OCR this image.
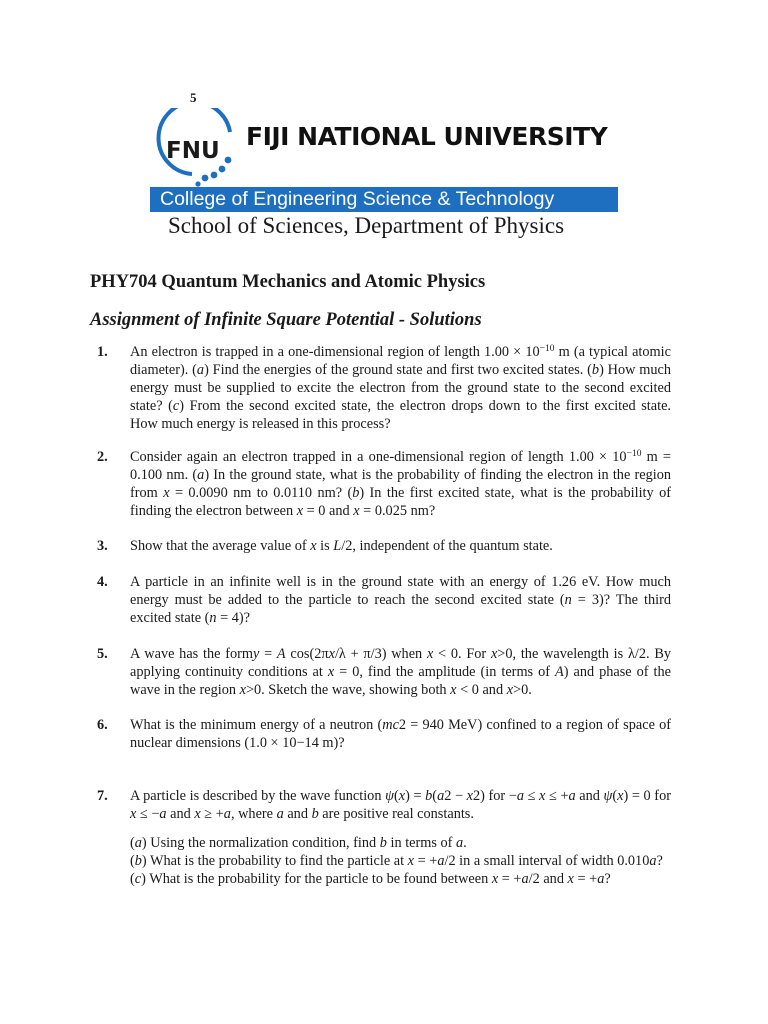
5
FNU FIJI NATIONAL UNIVERSITY
College of Engineering Science & Technology
School of Sciences, Department of Physics
PHY704 Quantum Mechanics and Atomic Physics
Assignment of Infinite Square Potential - Solutions
1. An electron is trapped in a one-dimensional region of length $1.00 \times 10^{-10}$ m (a typical atomic diameter). (a) Find the energies of the ground state and first two excited states. (b) How much energy must be supplied to excite the electron from the ground state to the second excited state? (c) From the second excited state, the electron drops down to the first excited state. How much energy is released in this process?

2. Consider again an electron trapped in a one-dimensional region of length $1.00 \times 10^{-10}$ m = 0.100 nm. (a) In the ground state, what is the probability of finding the electron in the region from x = 0.0090 nm to 0.0110 nm? (b) In the first excited state, what is the probability of finding the electron between x = 0 and x = 0.025 nm?

3. Show that the average value of x is L/2, independent of the quantum state.

4. A particle in an infinite well is in the ground state with an energy of 1.26 eV. How much energy must be added to the particle to reach the second excited state (n = 3)? The third excited state (n = 4)?

5. A wave has the formy = A cos(2πx/λ + π/3) when x < 0. For x>0, the wavelength is λ/2. By applying continuity conditions at x = 0, find the amplitude (in terms of A) and phase of the wave in the region x>0. Sketch the wave, showing both x < 0 and x>0.

6. What is the minimum energy of a neutron (mc2 = 940 MeV) confined to a region of space of nuclear dimensions (1.0 × 10−14 m)?

7. A particle is described by the wave function ψ(x) = b(a2 − x2) for −a ≤ x ≤ +a and ψ(x) = 0 for x ≤ −a and x ≥ +a, where a and b are positive real constants.

(a) Using the normalization condition, find b in terms of a.

(b) What is the probability to find the particle at x = +a/2 in a small interval of width 0.010a?

(c) What is the probability for the particle to be found between x = +a/2 and x = +a?
